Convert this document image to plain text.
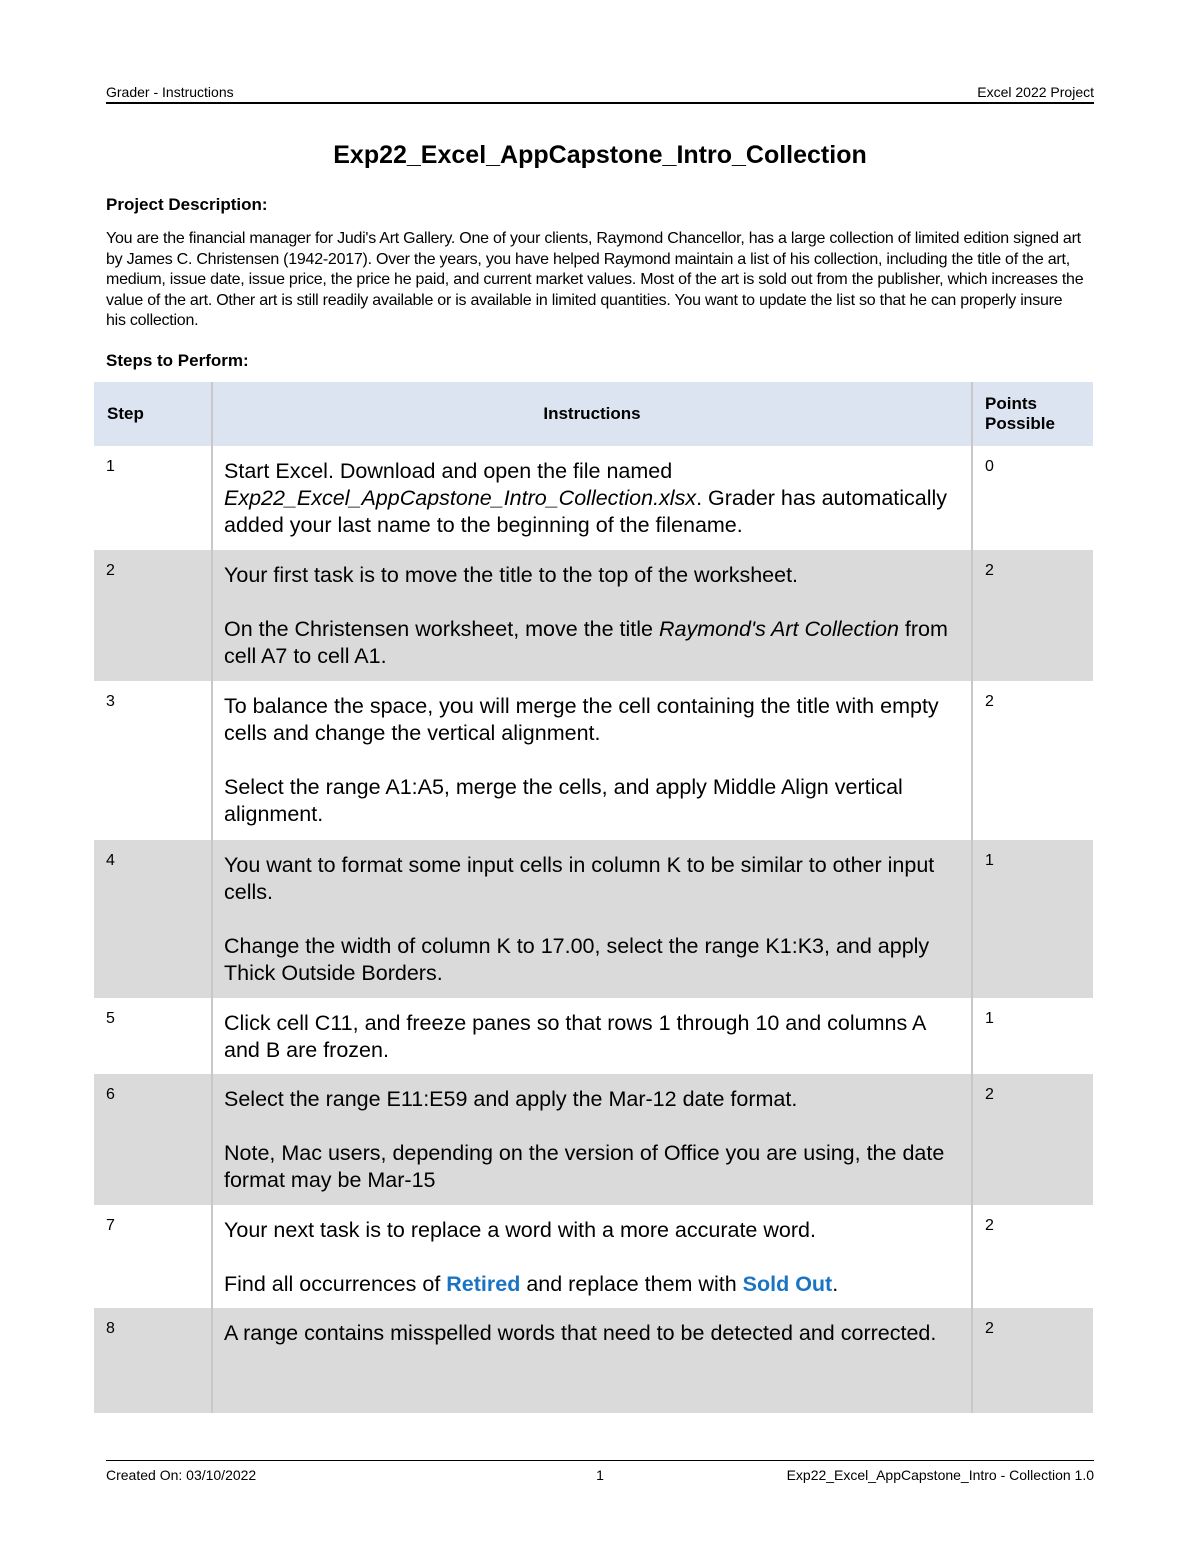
Grader - Instructions	Excel 2022 Project
Exp22_Excel_AppCapstone_Intro_Collection
Project Description:
You are the financial manager for Judi's Art Gallery. One of your clients, Raymond Chancellor, has a large collection of limited edition signed art by James C. Christensen (1942-2017). Over the years, you have helped Raymond maintain a list of his collection, including the title of the art, medium, issue date, issue price, the price he paid, and current market values. Most of the art is sold out from the publisher, which increases the value of the art. Other art is still readily available or is available in limited quantities. You want to update the list so that he can properly insure his collection.
Steps to Perform:
Step	Instructions	Points Possible
1	Start Excel. Download and open the file named Exp22_Excel_AppCapstone_Intro_Collection.xlsx. Grader has automatically added your last name to the beginning of the filename.	0
2	Your first task is to move the title to the top of the worksheet.

On the Christensen worksheet, move the title Raymond's Art Collection from cell A7 to cell A1.	2
3	To balance the space, you will merge the cell containing the title with empty cells and change the vertical alignment.

Select the range A1:A5, merge the cells, and apply Middle Align vertical alignment.	2
4	You want to format some input cells in column K to be similar to other input cells.

Change the width of column K to 17.00, select the range K1:K3, and apply Thick Outside Borders.	1
5	Click cell C11, and freeze panes so that rows 1 through 10 and columns A and B are frozen.	1
6	Select the range E11:E59 and apply the Mar-12 date format.

Note, Mac users, depending on the version of Office you are using, the date format may be Mar-15	2
7	Your next task is to replace a word with a more accurate word.

Find all occurrences of Retired and replace them with Sold Out.	2
8	A range contains misspelled words that need to be detected and corrected.	2
Created On: 03/10/2022	1	Exp22_Excel_AppCapstone_Intro - Collection 1.0
